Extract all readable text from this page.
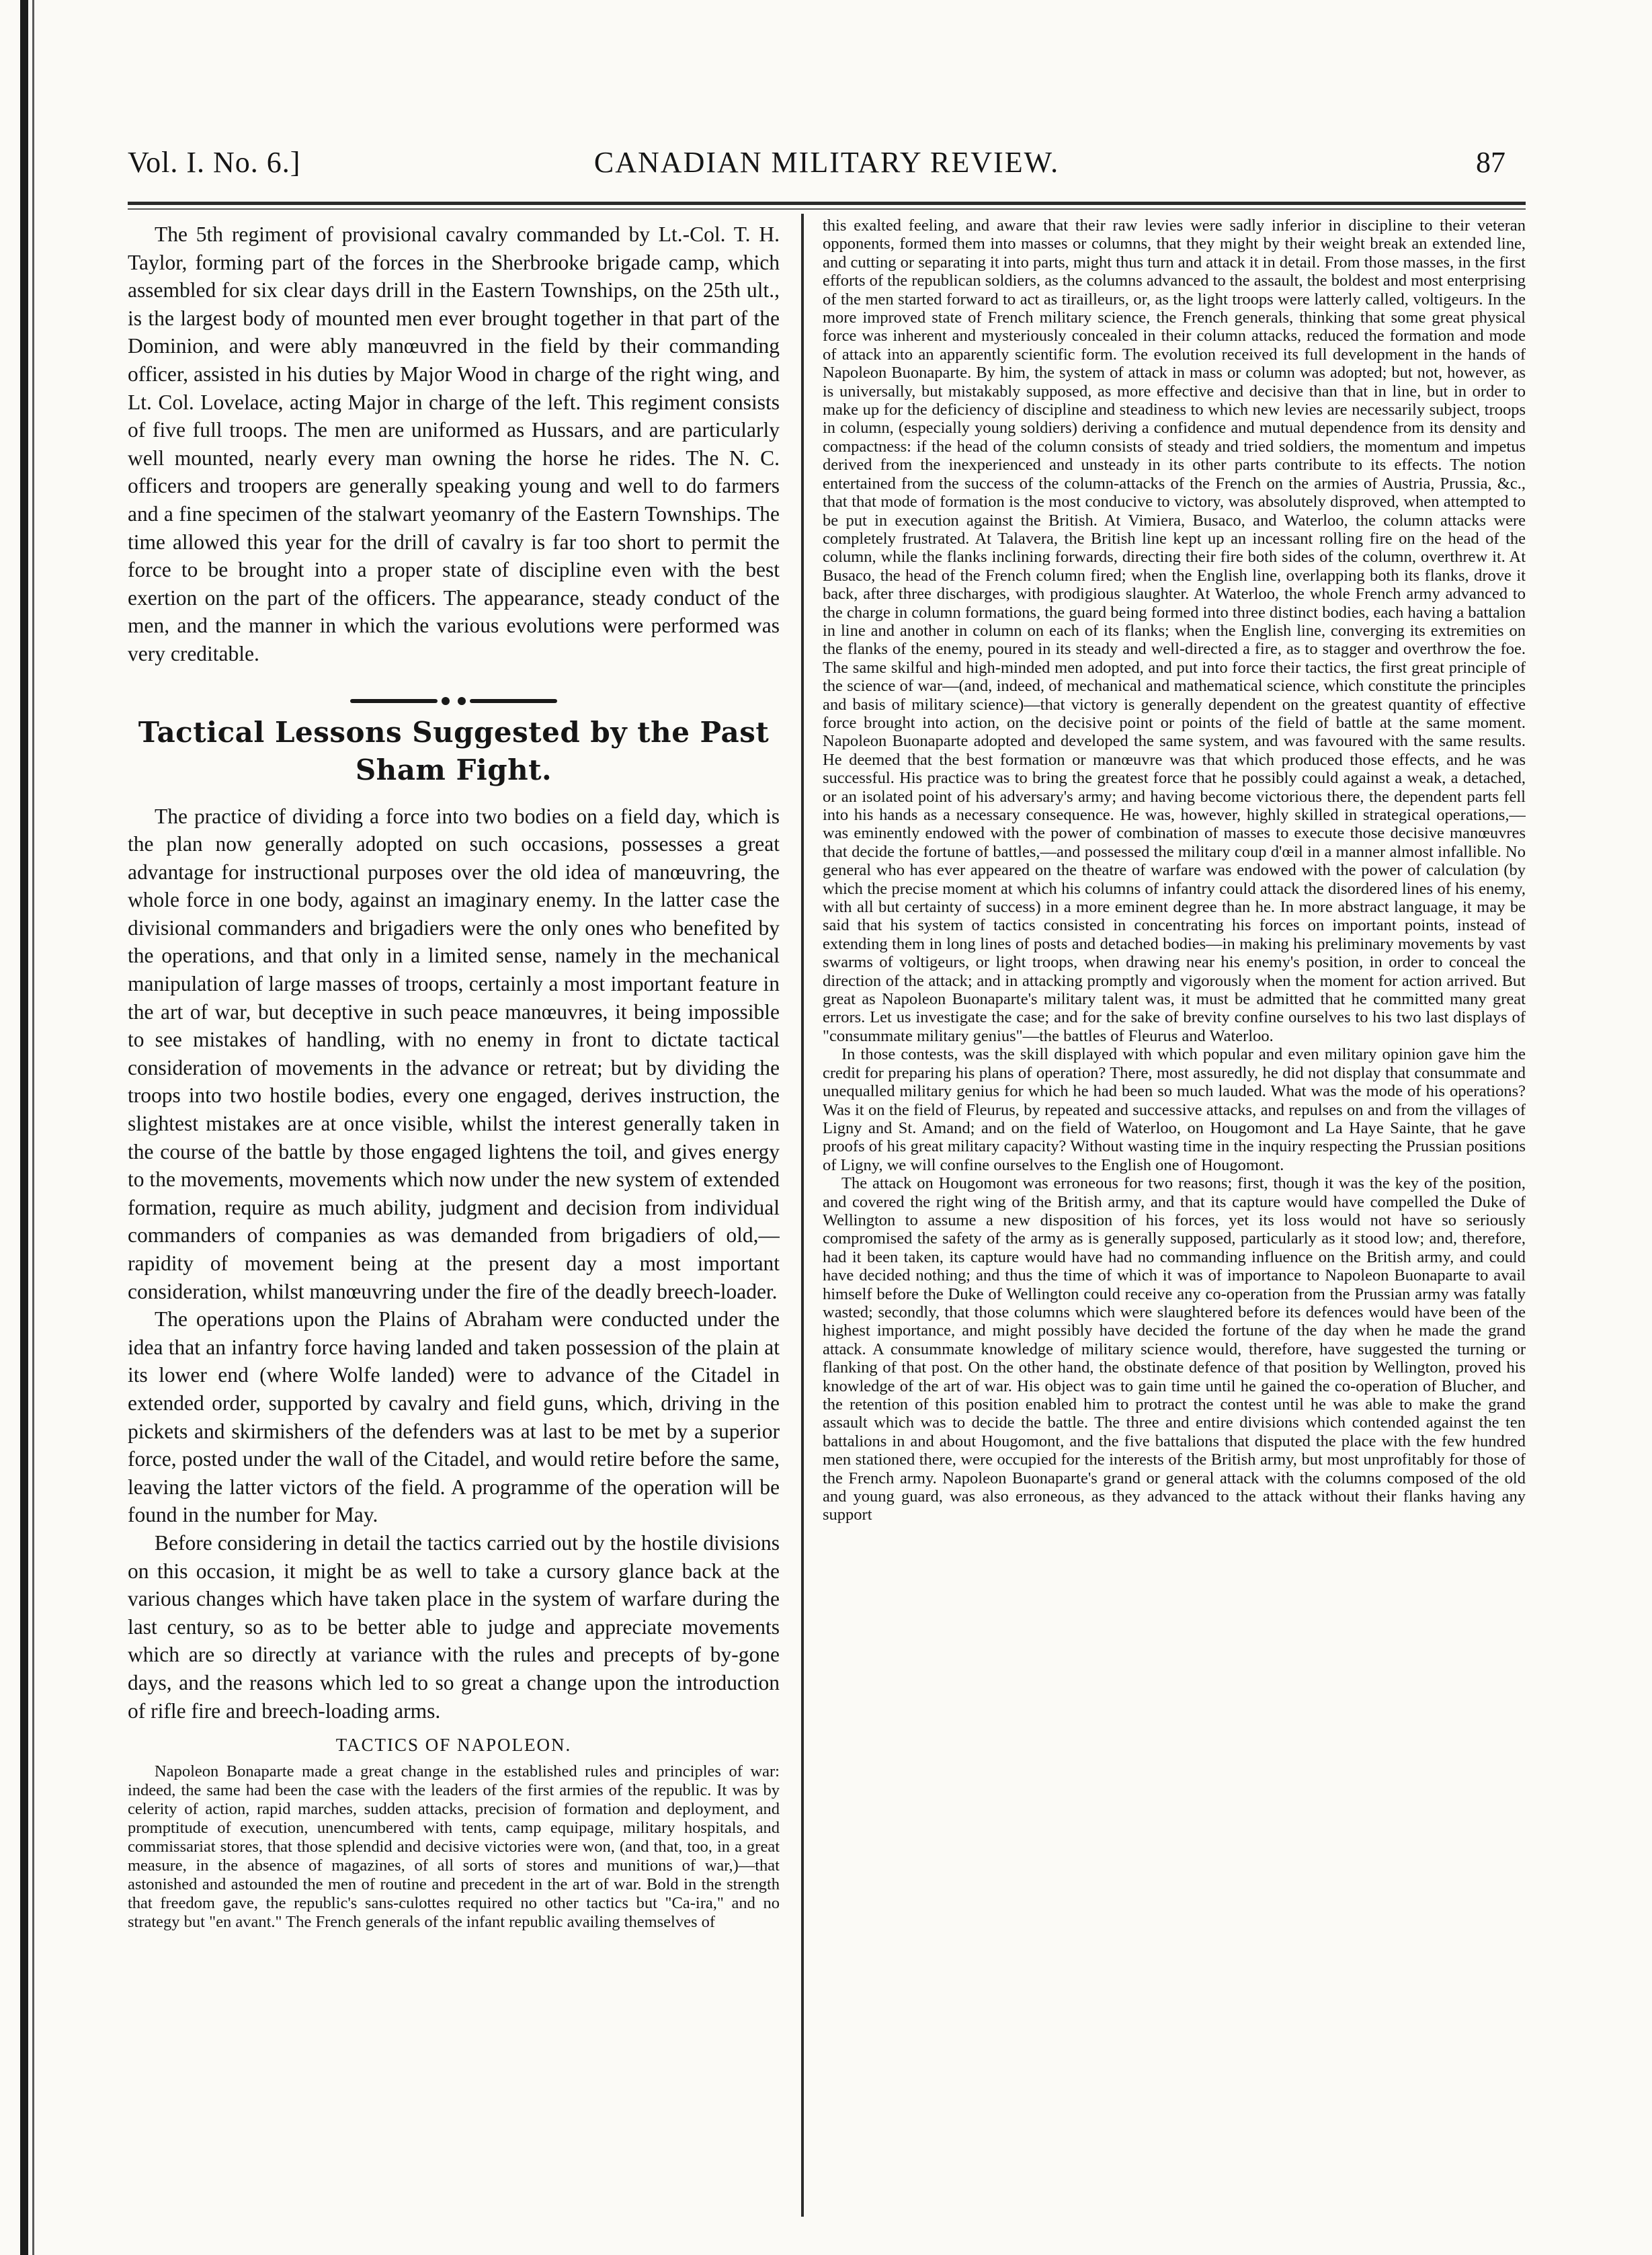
Vol. I. No. 6.]	CANADIAN MILITARY REVIEW.	87

The 5th regiment of provisional cavalry commanded by Lt.-Col. T. H. Taylor, forming part of the forces in the Sherbrooke brigade camp, which assembled for six clear days drill in the Eastern Townships, on the 25th ult., is the largest body of mounted men ever brought together in that part of the Dominion, and were ably manœuvred in the field by their commanding officer, assisted in his duties by Major Wood in charge of the right wing, and Lt. Col. Lovelace, acting Major in charge of the left. This regiment consists of five full troops. The men are uniformed as Hussars, and are particularly well mounted, nearly every man owning the horse he rides. The N. C. officers and troopers are generally speaking young and well to do farmers and a fine specimen of the stalwart yeomanry of the Eastern Townships. The time allowed this year for the drill of cavalry is far too short to permit the force to be brought into a proper state of discipline even with the best exertion on the part of the officers. The appearance, steady conduct of the men, and the manner in which the various evolutions were performed was very creditable.

Tactical Lessons Suggested by the Past Sham Fight.

The practice of dividing a force into two bodies on a field day, which is the plan now generally adopted on such occasions, possesses a great advantage for instructional purposes over the old idea of manœuvring, the whole force in one body, against an imaginary enemy. In the latter case the divisional commanders and brigadiers were the only ones who benefited by the operations, and that only in a limited sense, namely in the mechanical manipulation of large masses of troops, certainly a most important feature in the art of war, but deceptive in such peace manœuvres, it being impossible to see mistakes of handling, with no enemy in front to dictate tactical consideration of movements in the advance or retreat; but by dividing the troops into two hostile bodies, every one engaged, derives instruction, the slightest mistakes are at once visible, whilst the interest generally taken in the course of the battle by those engaged lightens the toil, and gives energy to the movements, movements which now under the new system of extended formation, require as much ability, judgment and decision from individual commanders of companies as was demanded from brigadiers of old,—rapidity of movement being at the present day a most important consideration, whilst manœuvring under the fire of the deadly breech-loader.

The operations upon the Plains of Abraham were conducted under the idea that an infantry force having landed and taken possession of the plain at its lower end (where Wolfe landed) were to advance of the Citadel in extended order, supported by cavalry and field guns, which, driving in the pickets and skirmishers of the defenders was at last to be met by a superior force, posted under the wall of the Citadel, and would retire before the same, leaving the latter victors of the field. A programme of the operation will be found in the number for May.

Before considering in detail the tactics carried out by the hostile divisions on this occasion, it might be as well to take a cursory glance back at the various changes which have taken place in the system of warfare during the last century, so as to be better able to judge and appreciate movements which are so directly at variance with the rules and precepts of by-gone days, and the reasons which led to so great a change upon the introduction of rifle fire and breech-loading arms.

TACTICS OF NAPOLEON.

Napoleon Bonaparte made a great change in the established rules and principles of war: indeed, the same had been the case with the leaders of the first armies of the republic. It was by celerity of action, rapid marches, sudden attacks, precision of formation and deployment, and promptitude of execution, unencumbered with tents, camp equipage, military hospitals, and commissariat stores, that those splendid and decisive victories were won, (and that, too, in a great measure, in the absence of magazines, of all sorts of stores and munitions of war,)—that astonished and astounded the men of routine and precedent in the art of war. Bold in the strength that freedom gave, the republic's sans-culottes required no other tactics but "Ca-ira," and no strategy but "en avant." The French generals of the infant republic availing themselves of

this exalted feeling, and aware that their raw levies were sadly inferior in discipline to their veteran opponents, formed them into masses or columns, that they might by their weight break an extended line, and cutting or separating it into parts, might thus turn and attack it in detail. From those masses, in the first efforts of the republican soldiers, as the columns advanced to the assault, the boldest and most enterprising of the men started forward to act as tirailleurs, or, as the light troops were latterly called, voltigeurs. In the more improved state of French military science, the French generals, thinking that some great physical force was inherent and mysteriously concealed in their column attacks, reduced the formation and mode of attack into an apparently scientific form. The evolution received its full development in the hands of Napoleon Buonaparte. By him, the system of attack in mass or column was adopted; but not, however, as is universally, but mistakably supposed, as more effective and decisive than that in line, but in order to make up for the deficiency of discipline and steadiness to which new levies are necessarily subject, troops in column, (especially young soldiers) deriving a confidence and mutual dependence from its density and compactness: if the head of the column consists of steady and tried soldiers, the momentum and impetus derived from the inexperienced and unsteady in its other parts contribute to its effects. The notion entertained from the success of the column-attacks of the French on the armies of Austria, Prussia, &c., that that mode of formation is the most conducive to victory, was absolutely disproved, when attempted to be put in execution against the British. At Vimiera, Busaco, and Waterloo, the column attacks were completely frustrated. At Talavera, the British line kept up an incessant rolling fire on the head of the column, while the flanks inclining forwards, directing their fire both sides of the column, overthrew it. At Busaco, the head of the French column fired; when the English line, overlapping both its flanks, drove it back, after three discharges, with prodigious slaughter. At Waterloo, the whole French army advanced to the charge in column formations, the guard being formed into three distinct bodies, each having a battalion in line and another in column on each of its flanks; when the English line, converging its extremities on the flanks of the enemy, poured in its steady and well-directed a fire, as to stagger and overthrow the foe. The same skilful and high-minded men adopted, and put into force their tactics, the first great principle of the science of war—(and, indeed, of mechanical and mathematical science, which constitute the principles and basis of military science)—that victory is generally dependent on the greatest quantity of effective force brought into action, on the decisive point or points of the field of battle at the same moment. Napoleon Buonaparte adopted and developed the same system, and was favoured with the same results. He deemed that the best formation or manœuvre was that which produced those effects, and he was successful. His practice was to bring the greatest force that he possibly could against a weak, a detached, or an isolated point of his adversary's army; and having become victorious there, the dependent parts fell into his hands as a necessary consequence. He was, however, highly skilled in strategical operations,—was eminently endowed with the power of combination of masses to execute those decisive manœuvres that decide the fortune of battles,—and possessed the military coup d'œil in a manner almost infallible. No general who has ever appeared on the theatre of warfare was endowed with the power of calculation (by which the precise moment at which his columns of infantry could attack the disordered lines of his enemy, with all but certainty of success) in a more eminent degree than he. In more abstract language, it may be said that his system of tactics consisted in concentrating his forces on important points, instead of extending them in long lines of posts and detached bodies—in making his preliminary movements by vast swarms of voltigeurs, or light troops, when drawing near his enemy's position, in order to conceal the direction of the attack; and in attacking promptly and vigorously when the moment for action arrived. But great as Napoleon Buonaparte's military talent was, it must be admitted that he committed many great errors. Let us investigate the case; and for the sake of brevity confine ourselves to his two last displays of "consummate military genius"—the battles of Fleurus and Waterloo.

In those contests, was the skill displayed with which popular and even military opinion gave him the credit for preparing his plans of operation? There, most assuredly, he did not display that consummate and unequalled military genius for which he had been so much lauded. What was the mode of his operations? Was it on the field of Fleurus, by repeated and successive attacks, and repulses on and from the villages of Ligny and St. Amand; and on the field of Waterloo, on Hougomont and La Haye Sainte, that he gave proofs of his great military capacity? Without wasting time in the inquiry respecting the Prussian positions of Ligny, we will confine ourselves to the English one of Hougomont.

The attack on Hougomont was erroneous for two reasons; first, though it was the key of the position, and covered the right wing of the British army, and that its capture would have compelled the Duke of Wellington to assume a new disposition of his forces, yet its loss would not have so seriously compromised the safety of the army as is generally supposed, particularly as it stood low; and, therefore, had it been taken, its capture would have had no commanding influence on the British army, and could have decided nothing; and thus the time of which it was of importance to Napoleon Buonaparte to avail himself before the Duke of Wellington could receive any co-operation from the Prussian army was fatally wasted; secondly, that those columns which were slaughtered before its defences would have been of the highest importance, and might possibly have decided the fortune of the day when he made the grand attack. A consummate knowledge of military science would, therefore, have suggested the turning or flanking of that post. On the other hand, the obstinate defence of that position by Wellington, proved his knowledge of the art of war. His object was to gain time until he gained the co-operation of Blucher, and the retention of this position enabled him to protract the contest until he was able to make the grand assault which was to decide the battle. The three and entire divisions which contended against the ten battalions in and about Hougomont, and the five battalions that disputed the place with the few hundred men stationed there, were occupied for the interests of the British army, but most unprofitably for those of the French army. Napoleon Buonaparte's grand or general attack with the columns composed of the old and young guard, was also erroneous, as they advanced to the attack without their flanks having any support
